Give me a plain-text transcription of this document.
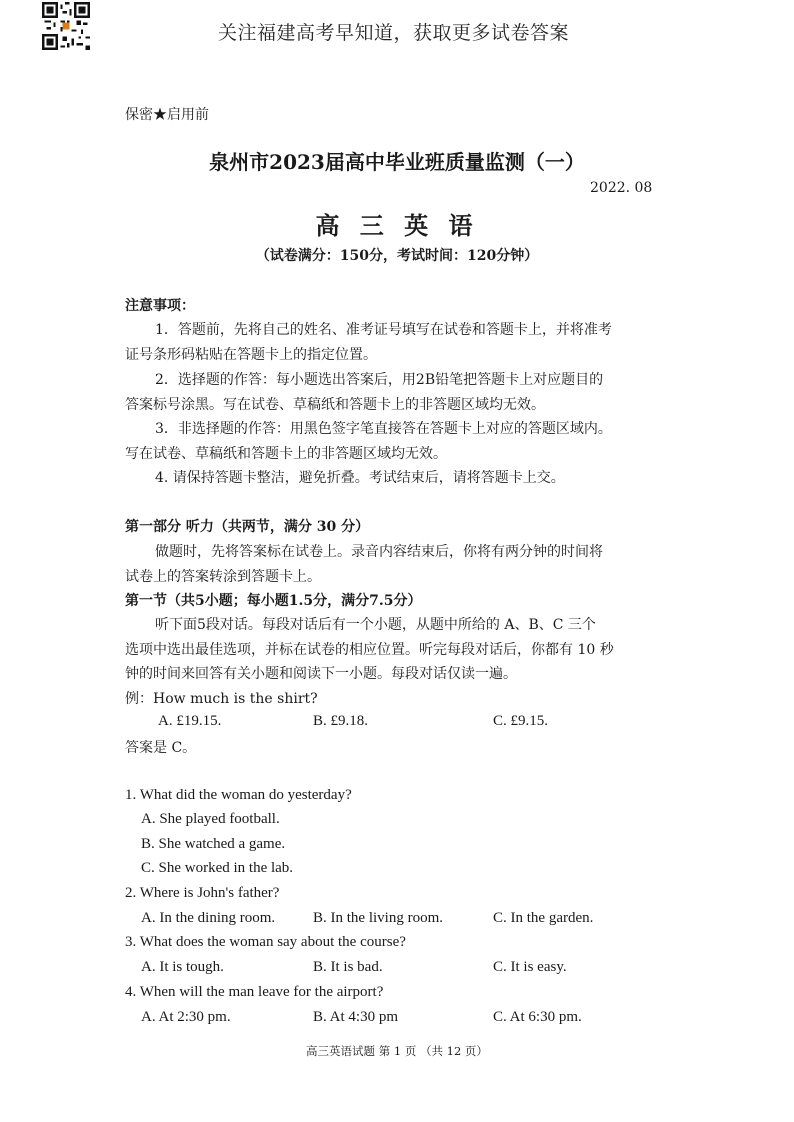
关注福建高考早知道，获取更多试卷答案
保密★启用前
泉州市2023届高中毕业班质量监测（一）
2022. 08
高 三 英 语
（试卷满分：150分，考试时间：120分钟）
注意事项：
1．答题前，先将自己的姓名、准考证号填写在试卷和答题卡上，并将准考
证号条形码粘贴在答题卡上的指定位置。
2．选择题的作答：每小题选出答案后，用2B铅笔把答题卡上对应题目的
答案标号涂黑。写在试卷、草稿纸和答题卡上的非答题区域均无效。
3．非选择题的作答：用黑色签字笔直接答在答题卡上对应的答题区域内。
写在试卷、草稿纸和答题卡上的非答题区域均无效。
4. 请保持答题卡整洁，避免折叠。考试结束后，请将答题卡上交。
第一部分 听力（共两节，满分 30 分）
做题时，先将答案标在试卷上。录音内容结束后，你将有两分钟的时间将
试卷上的答案转涂到答题卡上。
第一节（共5小题；每小题1.5分，满分7.5分）
听下面5段对话。每段对话后有一个小题，从题中所给的 A、B、C 三个
选项中选出最佳选项，并标在试卷的相应位置。听完每段对话后，你都有 10 秒
钟的时间来回答有关小题和阅读下一小题。每段对话仅读一遍。
例：How much is the shirt?
A. £19.15.	B. £9.18.	C. £9.15.
答案是 C。
1. What did the woman do yesterday?
A. She played football.
B. She watched a game.
C. She worked in the lab.
2. Where is John's father?
A. In the dining room.	B. In the living room.	C. In the garden.
3. What does the woman say about the course?
A. It is tough.	B. It is bad.	C. It is easy.
4. When will the man leave for the airport?
A. At 2:30 pm.	B. At 4:30 pm	C. At 6:30 pm.
高三英语试题 第 1 页 （共 12 页）
